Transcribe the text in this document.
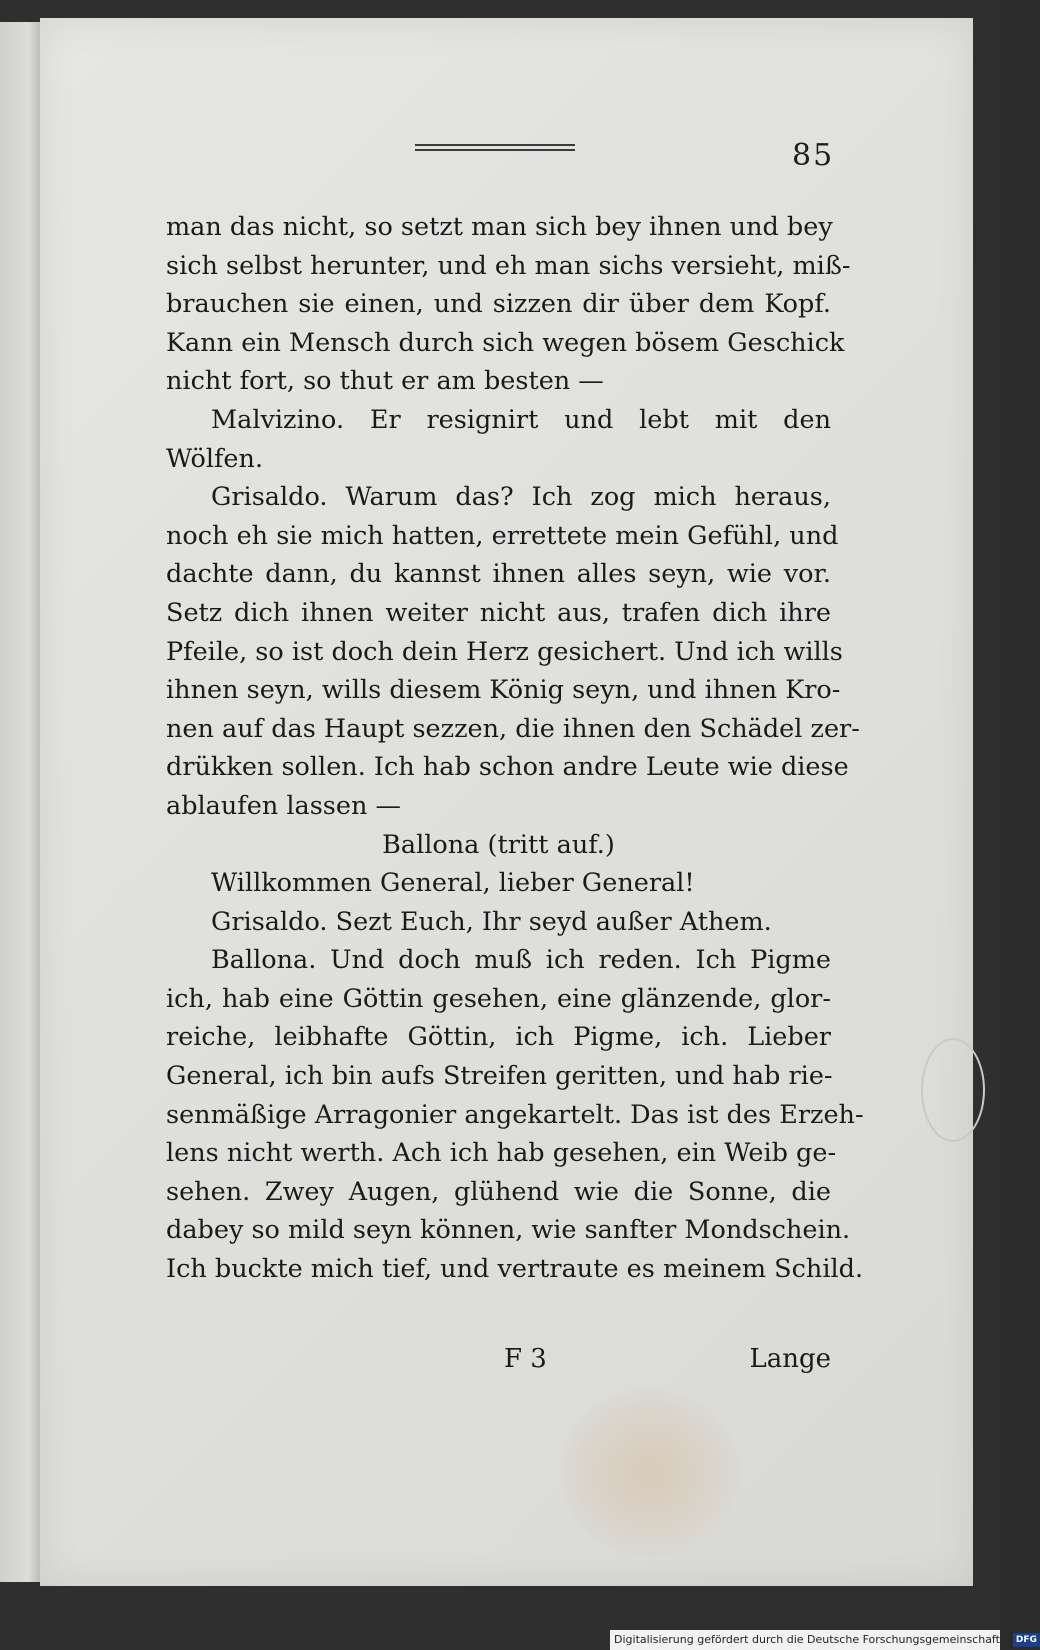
85
man das nicht, so setzt man sich bey ihnen und bey
sich selbst herunter, und eh man sichs versieht, miß-
brauchen sie einen, und sizzen dir über dem Kopf.
Kann ein Mensch durch sich wegen bösem Geschick
nicht fort, so thut er am besten —
Malvizino. Er resignirt und lebt mit den
Wölfen.
Grisaldo. Warum das? Ich zog mich heraus,
noch eh sie mich hatten, errettete mein Gefühl, und
dachte dann, du kannst ihnen alles seyn, wie vor.
Setz dich ihnen weiter nicht aus, trafen dich ihre
Pfeile, so ist doch dein Herz gesichert. Und ich wills
ihnen seyn, wills diesem König seyn, und ihnen Kro-
nen auf das Haupt sezzen, die ihnen den Schädel zer-
drükken sollen. Ich hab schon andre Leute wie diese
ablaufen lassen —
Ballona (tritt auf.)
Willkommen General, lieber General!
Grisaldo. Sezt Euch, Ihr seyd außer Athem.
Ballona. Und doch muß ich reden. Ich Pigme
ich, hab eine Göttin gesehen, eine glänzende, glor-
reiche, leibhafte Göttin, ich Pigme, ich. Lieber
General, ich bin aufs Streifen geritten, und hab rie-
senmäßige Arragonier angekartelt. Das ist des Erzeh-
lens nicht werth. Ach ich hab gesehen, ein Weib ge-
sehen. Zwey Augen, glühend wie die Sonne, die
dabey so mild seyn können, wie sanfter Mondschein.
Ich buckte mich tief, und vertraute es meinem Schild.
F 3	Lange
Digitalisierung gefördert durch die Deutsche Forschungsgemeinschaft - DFG
